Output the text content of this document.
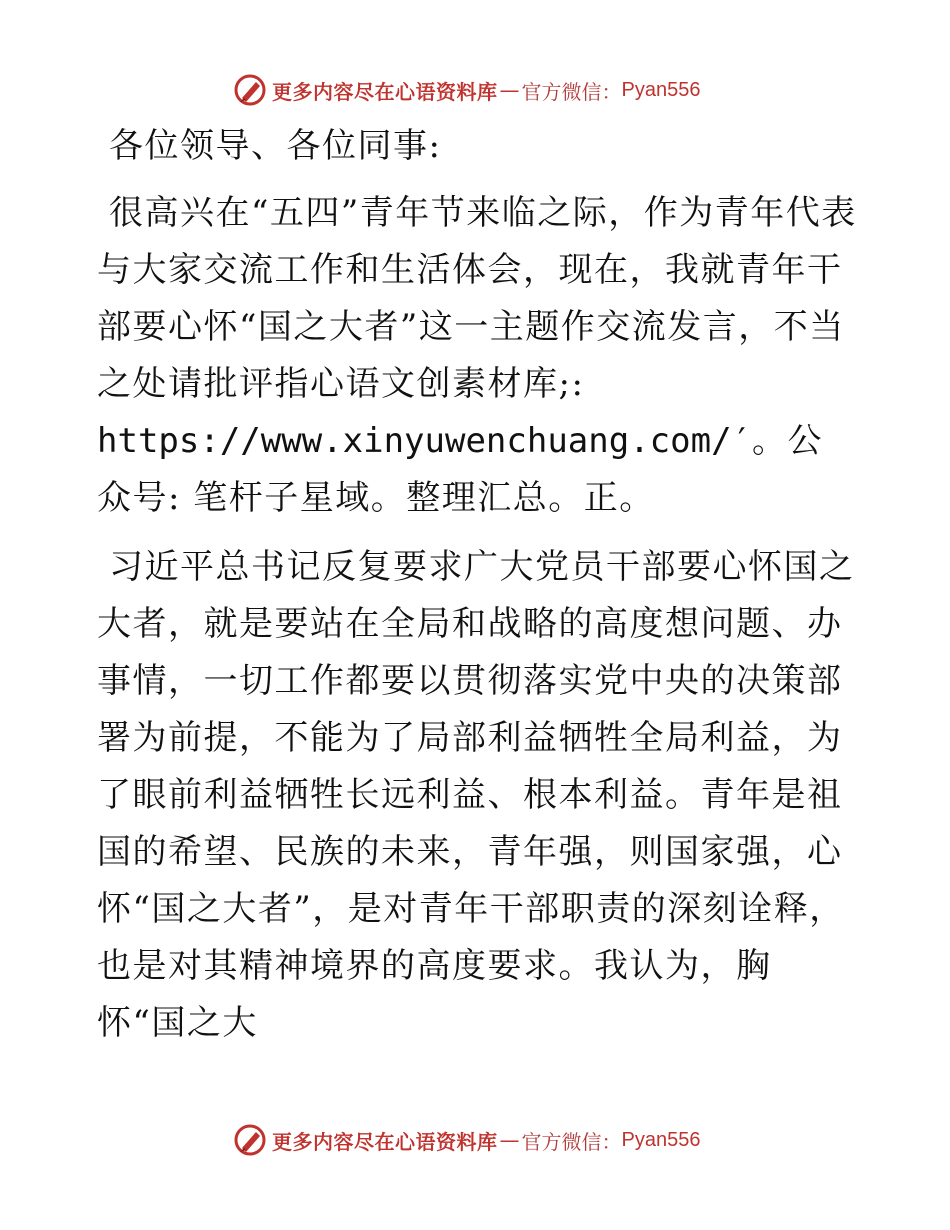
更多内容尽在心语资料库 — 官方微信： Pyan556

各位领导、各位同事:

很高兴在“五四”青年节来临之际，作为青年代表与大家交流工作和生活体会，现在，我就青年干部要心怀“国之大者”这一主题作交流发言，不当之处请批评指心语文创素材库;: https://www.xinyuwenchuang.com/′。公众号: 笔杆子星域。整理汇总。正。

习近平总书记反复要求广大党员干部要心怀国之大者，就是要站在全局和战略的高度想问题、办事情，一切工作都要以贯彻落实党中央的决策部署为前提，不能为了局部利益牺牲全局利益，为了眼前利益牺牲长远利益、根本利益。青年是祖国的希望、民族的未来，青年强，则国家强，心怀“国之大者”，是对青年干部职责的深刻诠释，也是对其精神境界的高度要求。我认为，胸怀“国之大

更多内容尽在心语资料库 — 官方微信： Pyan556
